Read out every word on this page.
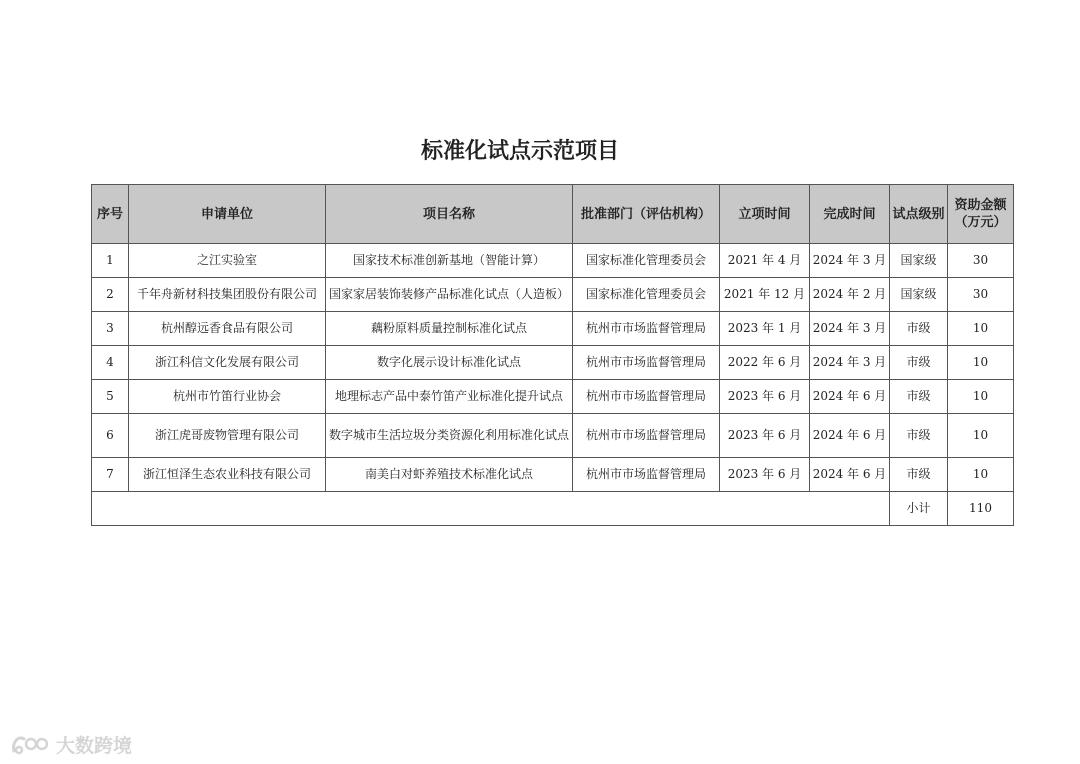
标准化试点示范项目
序号	申请单位	项目名称	批准部门（评估机构）	立项时间	完成时间	试点级别	资助金额（万元）
1	之江实验室	国家技术标准创新基地（智能计算）	国家标准化管理委员会	2021 年 4 月	2024 年 3 月	国家级	30
2	千年舟新材科技集团股份有限公司	国家家居装饰装修产品标准化试点（人造板）	国家标准化管理委员会	2021 年 12 月	2024 年 2 月	国家级	30
3	杭州醇远香食品有限公司	藕粉原料质量控制标准化试点	杭州市市场监督管理局	2023 年 1 月	2024 年 3 月	市级	10
4	浙江科信文化发展有限公司	数字化展示设计标准化试点	杭州市市场监督管理局	2022 年 6 月	2024 年 3 月	市级	10
5	杭州市竹笛行业协会	地理标志产品中泰竹笛产业标准化提升试点	杭州市市场监督管理局	2023 年 6 月	2024 年 6 月	市级	10
6	浙江虎哥废物管理有限公司	数字城市生活垃圾分类资源化利用标准化试点	杭州市市场监督管理局	2023 年 6 月	2024 年 6 月	市级	10
7	浙江恒泽生态农业科技有限公司	南美白对虾养殖技术标准化试点	杭州市市场监督管理局	2023 年 6 月	2024 年 6 月	市级	10
						小计	110
大数跨境
